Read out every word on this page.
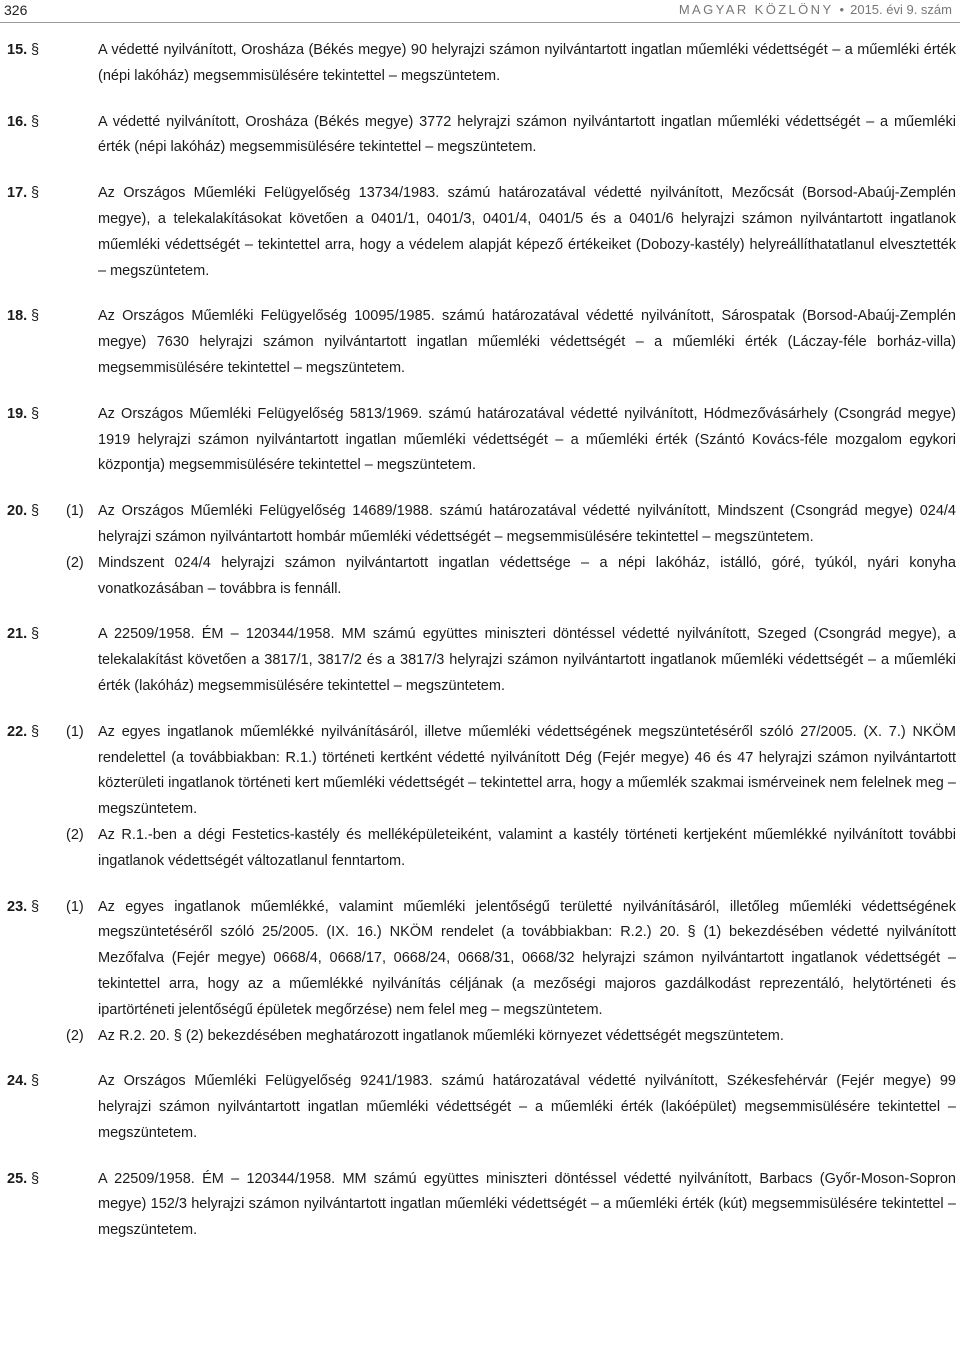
326	MAGYAR KÖZLÖNY • 2015. évi 9. szám
15. §	A védetté nyilvánított, Orosháza (Békés megye) 90 helyrajzi számon nyilvántartott ingatlan műemléki védettségét – a műemléki érték (népi lakóház) megsemmisülésére tekintettel – megszüntetem.
16. §	A védetté nyilvánított, Orosháza (Békés megye) 3772 helyrajzi számon nyilvántartott ingatlan műemléki védettségét – a műemléki érték (népi lakóház) megsemmisülésére tekintettel – megszüntetem.
17. §	Az Országos Műemléki Felügyelőség 13734/1983. számú határozatával védetté nyilvánított, Mezőcsát (Borsod-Abaúj-Zemplén megye), a telekalakításokat követően a 0401/1, 0401/3, 0401/4, 0401/5 és a 0401/6 helyrajzi számon nyilvántartott ingatlanok műemléki védettségét – tekintettel arra, hogy a védelem alapját képező értékeiket (Dobozy-kastély) helyreállíthatatlanul elvesztették – megszüntetem.
18. §	Az Országos Műemléki Felügyelőség 10095/1985. számú határozatával védetté nyilvánított, Sárospatak (Borsod-Abaúj-Zemplén megye) 7630 helyrajzi számon nyilvántartott ingatlan műemléki védettségét – a műemléki érték (Láczay-féle borház-villa) megsemmisülésére tekintettel – megszüntetem.
19. §	Az Országos Műemléki Felügyelőség 5813/1969. számú határozatával védetté nyilvánított, Hódmezővásárhely (Csongrád megye) 1919 helyrajzi számon nyilvántartott ingatlan műemléki védettségét – a műemléki érték (Szántó Kovács-féle mozgalom egykori központja) megsemmisülésére tekintettel – megszüntetem.
20. § (1) Az Országos Műemléki Felügyelőség 14689/1988. számú határozatával védetté nyilvánított, Mindszent (Csongrád megye) 024/4 helyrajzi számon nyilvántartott hombár műemléki védettségét – megsemmisülésére tekintettel – megszüntetem.
(2) Mindszent 024/4 helyrajzi számon nyilvántartott ingatlan védettsége – a népi lakóház, istálló, góré, tyúkól, nyári konyha vonatkozásában – továbbra is fennáll.
21. §	A 22509/1958. ÉM – 120344/1958. MM számú együttes miniszteri döntéssel védetté nyilvánított, Szeged (Csongrád megye), a telekalakítást követően a 3817/1, 3817/2 és a 3817/3 helyrajzi számon nyilvántartott ingatlanok műemléki védettségét – a műemléki érték (lakóház) megsemmisülésére tekintettel – megszüntetem.
22. § (1) Az egyes ingatlanok műemlékké nyilvánításáról, illetve műemléki védettségének megszüntetéséről szóló 27/2005. (X. 7.) NKÖM rendelettel (a továbbiakban: R.1.) történeti kertként védetté nyilvánított Dég (Fejér megye) 46 és 47 helyrajzi számon nyilvántartott közterületi ingatlanok történeti kert műemléki védettségét – tekintettel arra, hogy a műemlék szakmai ismérveinek nem felelnek meg – megszüntetem.
(2) Az R.1.-ben a dégi Festetics-kastély és melléképületeiként, valamint a kastély történeti kertjeként műemlékké nyilvánított további ingatlanok védettségét változatlanul fenntartom.
23. § (1) Az egyes ingatlanok műemlékké, valamint műemléki jelentőségű területté nyilvánításáról, illetőleg műemléki védettségének megszüntetéséről szóló 25/2005. (IX. 16.) NKÖM rendelet (a továbbiakban: R.2.) 20. § (1) bekezdésében védetté nyilvánított Mezőfalva (Fejér megye) 0668/4, 0668/17, 0668/24, 0668/31, 0668/32 helyrajzi számon nyilvántartott ingatlanok védettségét – tekintettel arra, hogy az a műemlékké nyilvánítás céljának (a mezőségi majoros gazdálkodást reprezentáló, helytörténeti és ipartörténeti jelentőségű épületek megőrzése) nem felel meg – megszüntetem.
(2) Az R.2. 20. § (2) bekezdésében meghatározott ingatlanok műemléki környezet védettségét megszüntetem.
24. §	Az Országos Műemléki Felügyelőség 9241/1983. számú határozatával védetté nyilvánított, Székesfehérvár (Fejér megye) 99 helyrajzi számon nyilvántartott ingatlan műemléki védettségét – a műemléki érték (lakóépület) megsemmisülésére tekintettel – megszüntetem.
25. §	A 22509/1958. ÉM – 120344/1958. MM számú együttes miniszteri döntéssel védetté nyilvánított, Barbacs (Győr-Moson-Sopron megye) 152/3 helyrajzi számon nyilvántartott ingatlan műemléki védettségét – a műemléki érték (kút) megsemmisülésére tekintettel – megszüntetem.
